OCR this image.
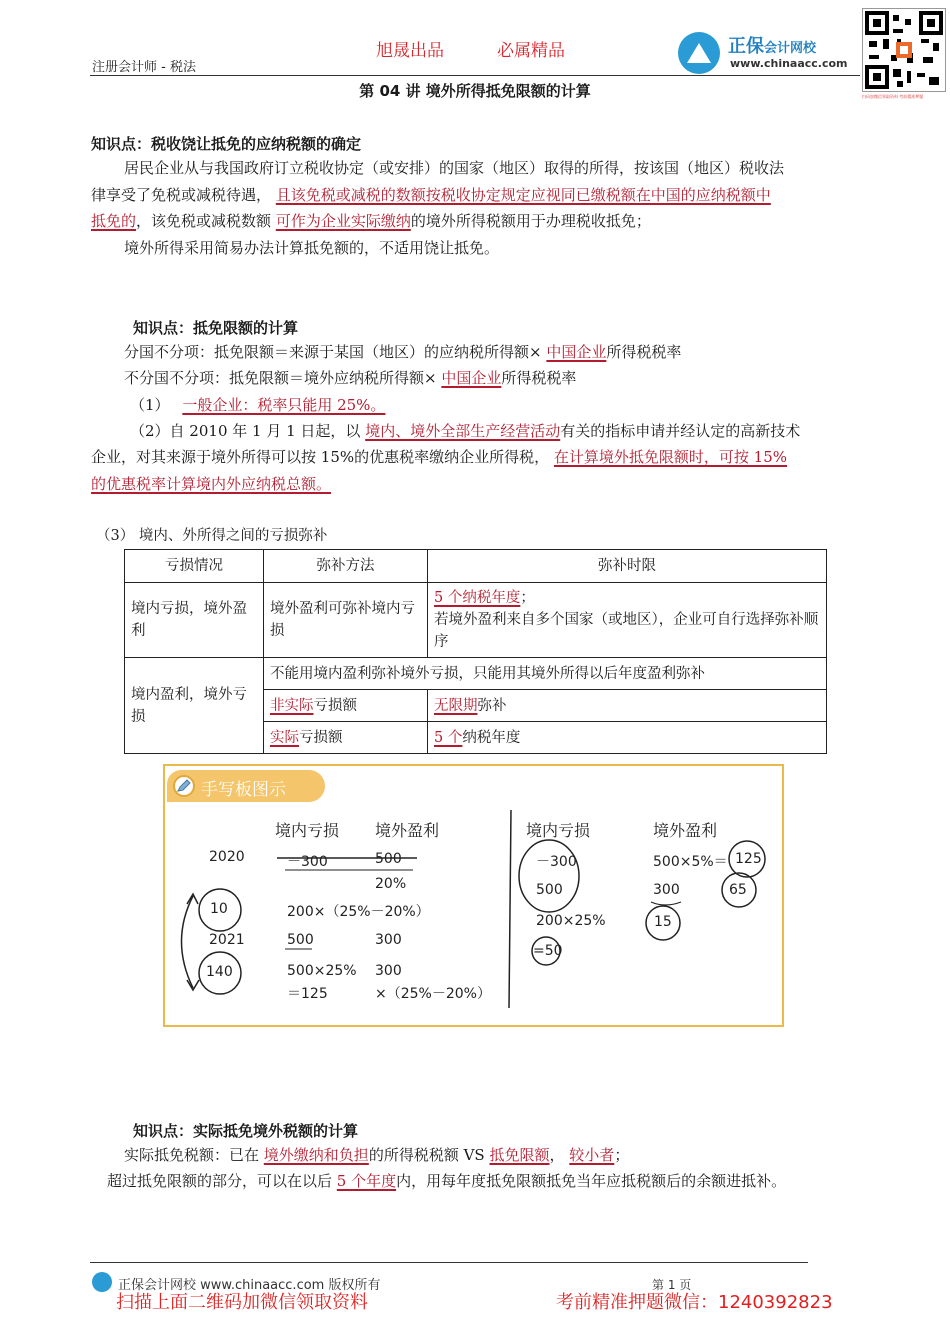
旭晟出品	必属精品
注册会计师 - 税法
正保会计网校
www.chinaacc.com
扫码加微信领取资料 考前精准押题
第 04 讲 境外所得抵免限额的计算
知识点：税收饶让抵免的应纳税额的确定
居民企业从与我国政府订立税收协定（或安排）的国家（地区）取得的所得，按该国（地区）税收法
律享受了免税或减税待遇， 且该免税或减税的数额按税收协定规定应视同已缴税额在中国的应纳税额中
抵免的，该免税或减税数额 可作为企业实际缴纳的境外所得税额用于办理税收抵免；
境外所得采用简易办法计算抵免额的，不适用饶让抵免。
知识点：抵免限额的计算
分国不分项：抵免限额＝来源于某国（地区）的应纳税所得额× 中国企业所得税税率
不分国不分项：抵免限额＝境外应纳税所得额× 中国企业所得税税率
（1） 一般企业：税率只能用 25%。
（2）自 2010 年 1 月 1 日起，以 境内、境外全部生产经营活动有关的指标申请并经认定的高新技术
企业，对其来源于境外所得可以按 15%的优惠税率缴纳企业所得税， 在计算境外抵免限额时，可按 15%
的优惠税率计算境内外应纳税总额。
（3） 境内、外所得之间的亏损弥补
亏损情况	弥补方法	弥补时限
境内亏损，境外盈利	境外盈利可弥补境内亏损	5 个纳税年度；
若境外盈利来自多个国家（或地区），企业可自行选择弥补顺序
境内盈利，境外亏损	不能用境内盈利弥补境外亏损，只能用其境外所得以后年度盈利弥补	
	非实际亏损额	无限期弥补
	实际亏损额	5 个纳税年度
手写板图示
境内亏损 境外盈利
2020
2021
－300	500
20%
10	200×（25%－20%）
500	300
140	500×25%
＝125
300
×（25%－20%）
境内亏损	境外盈利
－300
500
200×25%
=50
500×5%＝ 125
300	65
15
知识点：实际抵免境外税额的计算
实际抵免税额：已在 境外缴纳和负担的所得税税额 VS 抵免限额， 较小者；
超过抵免限额的部分，可以在以后 5 个年度内，用每年度抵免限额抵免当年应抵税额后的余额进抵补。
正保会计网校 www.chinaacc.com 版权所有	第 1 页
扫描上面二维码加微信领取资料	考前精准押题微信：1240392823
